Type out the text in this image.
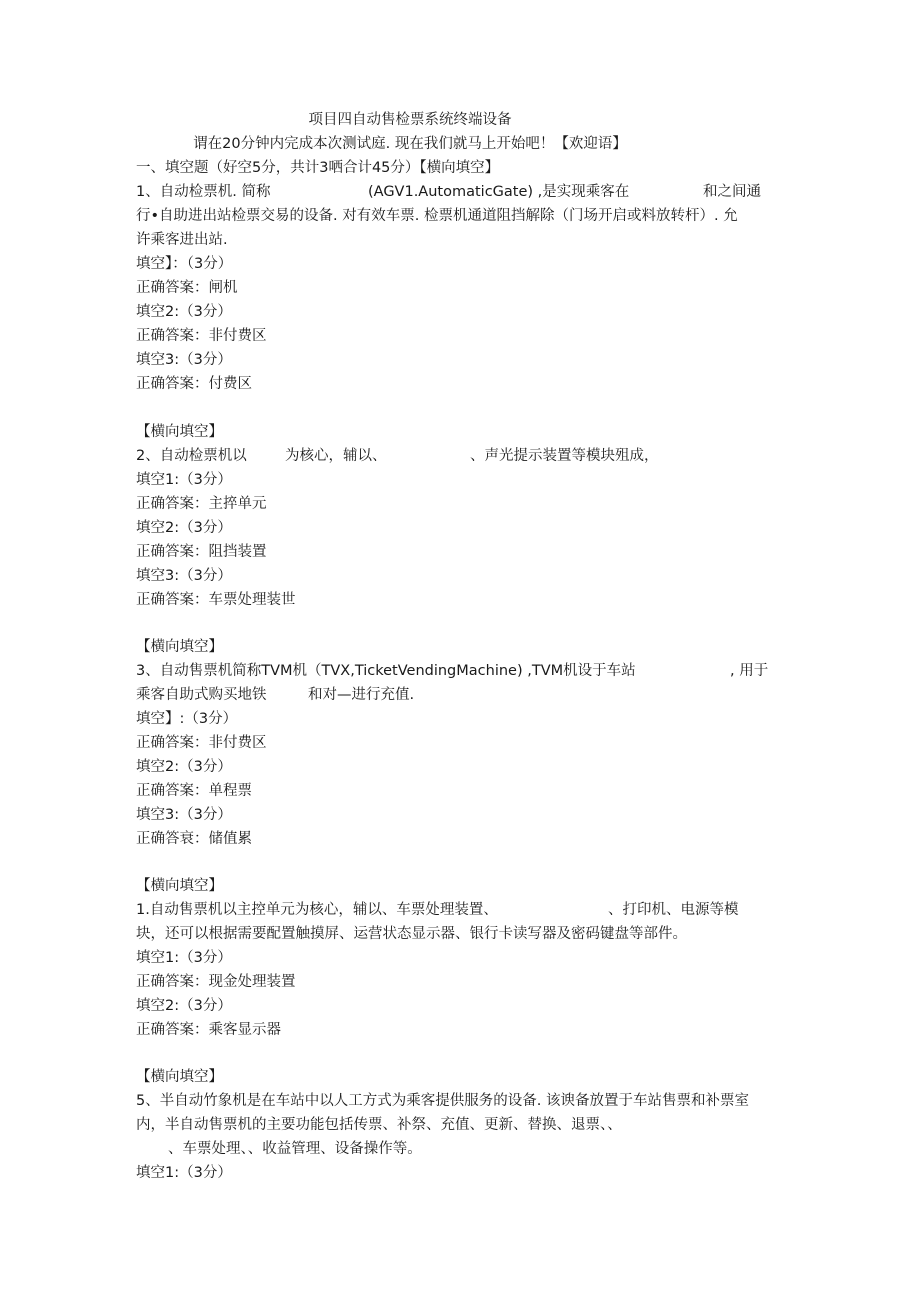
项目四自动售检票系统终端设备
谓在20分钟内完成本次测试庭. 现在我们就马上开始吧！【欢迎语】
一、填空题（好空5分，共计3哂合计45分）【横向填空】
1、自动检票机. 简称	(AGV1.AutomaticGate) ,是实现乘客在	和之间通
行•自助进出站检票交易的设备. 对有效车票. 检票机通道阻挡解除（门场开启或料放转杆）. 允
许乘客进出站.
填空】：（3分）
正确答案：闸机
填空2:（3分）
正确答案：非付费区
填空3:（3分）
正确答案：付费区
【横向填空】
2、自动检票机以	为核心，辅以、	、声光提示装置等模块殂成，
填空1:（3分）
正确答案：主捽单元
填空2:（3分）
正确答案：阻挡装置
填空3:（3分）
正确答案：车票处理装世
【横向填空】
3、自动售票机简称TVM机（TVX,TicketVendingMachine) ,TVM机设于车站	, 用于
乘客自助式购买地铁	和对—进行充值.
填空】:（3分）
正确答案：非付费区
填空2:（3分）
正确答案：单程票
填空3:（3分）
正确答衰：储值累
【横向填空】
1.自动售票机以主控单元为核心，辅以、车票处理装置、	、打印机、电源等模
块，还可以根据需要配置触摸屏、运营状态显示器、银行卡读写器及密码键盘等部件。
填空1:（3分）
正确答案：现金处理装置
填空2:（3分）
正确答案：乘客显示器
【横向填空】
5、半自动竹象机是在车站中以人工方式为乘客提供服务的设备. 该谀备放置于车站售票和补票室
内，半自动售票机的主要功能包括传票、补祭、充值、更新、替换、退票、、
、车票处理、、收益管理、设备操作等。
填空1:（3分）
